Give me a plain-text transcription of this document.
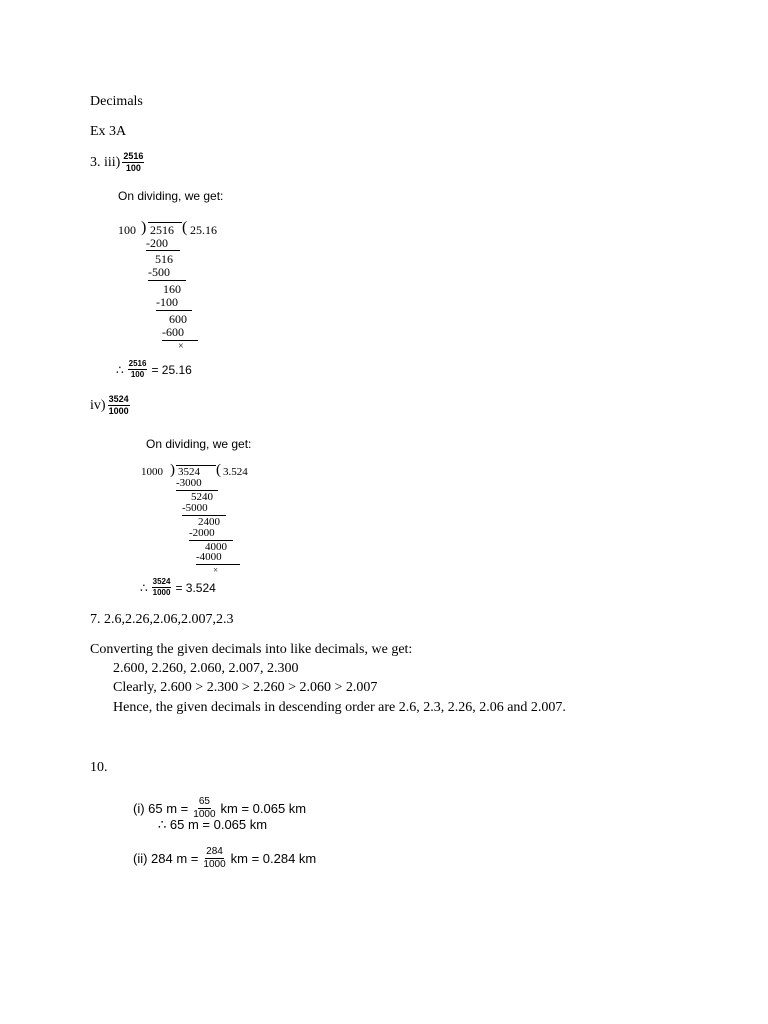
Decimals
Ex 3A
3. $iii) \frac{2516}{100}$
On dividing, we get:
100 ) 2516 ( 25.16
-200
516
-500
160
-100
600
-600
×
∴ $\frac{2516}{100} = 25.16$
$iv) \frac{3524}{1000}$
On dividing, we get:
1000 ) 3524 ( 3.524
-3000
5240
-5000
2400
-2000
4000
-4000
×
∴ $\frac{3524}{1000} = 3.524$
7. 2.6,2.26,2.06,2.007,2.3
Converting the given decimals into like decimals, we get:
2.600, 2.260, 2.060, 2.007, 2.300
Clearly, 2.600 > 2.300 > 2.260 > 2.060 > 2.007
Hence, the given decimals in descending order are 2.6, 2.3, 2.26, 2.06 and 2.007.
10.
(i) 65 $m = \frac{65}{1000}$ km = 0.065 km
∴ 65 m = 0.065 km
(ii) 284 $m = \frac{284}{1000}$ km = 0.284 km
